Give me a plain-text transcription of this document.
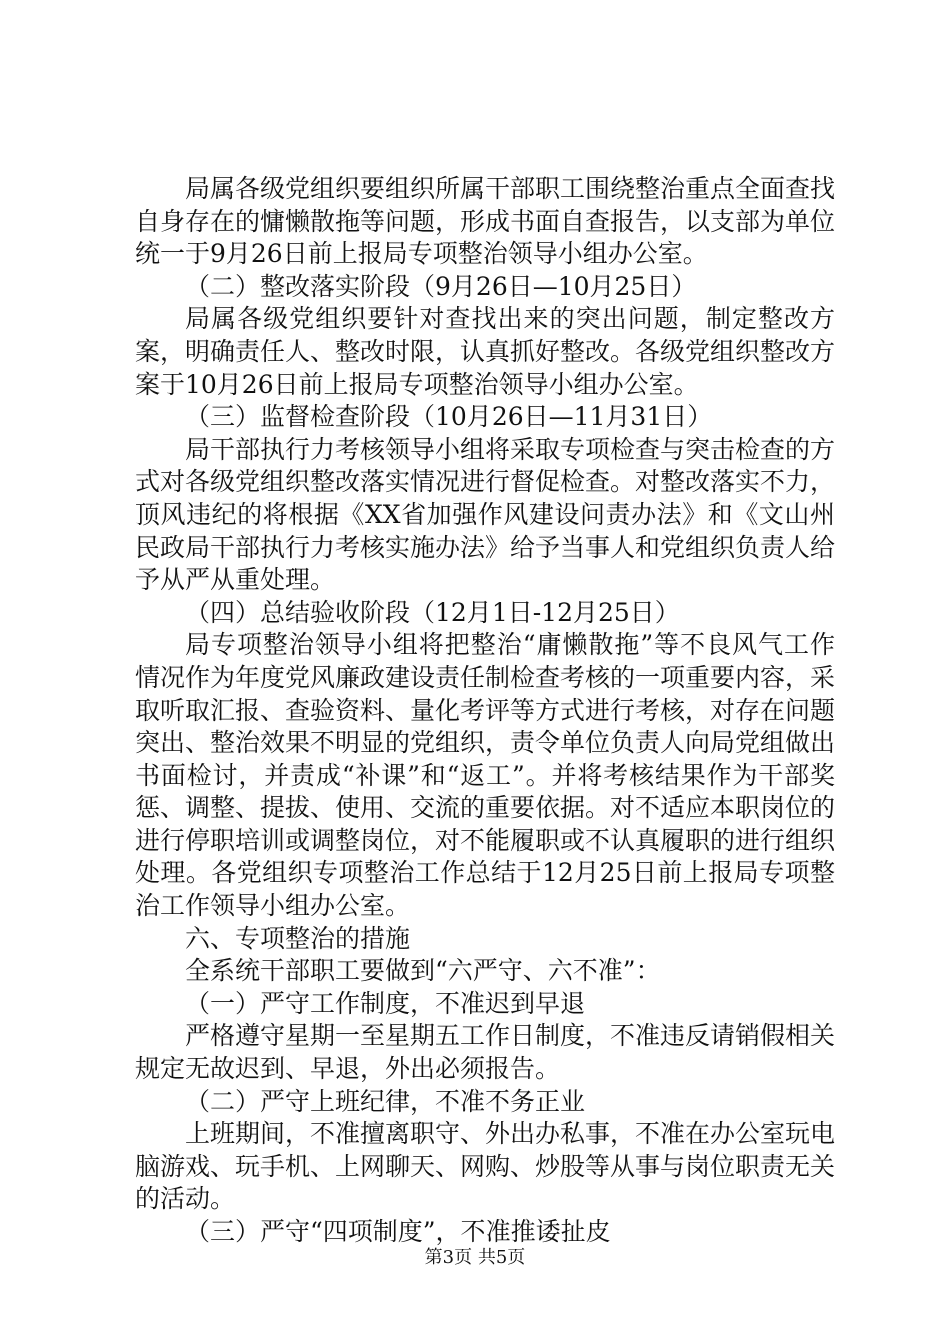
局属各级党组织要组织所属干部职工围绕整治重点全面查找自身存在的慵懒散拖等问题，形成书面自查报告，以支部为单位统一于9月26日前上报局专项整治领导小组办公室。

（二）整改落实阶段（9月26日—10月25日）

局属各级党组织要针对查找出来的突出问题，制定整改方案，明确责任人、整改时限，认真抓好整改。各级党组织整改方案于10月26日前上报局专项整治领导小组办公室。

（三）监督检查阶段（10月26日—11月31日）

局干部执行力考核领导小组将采取专项检查与突击检查的方式对各级党组织整改落实情况进行督促检查。对整改落实不力，顶风违纪的将根据《XX省加强作风建设问责办法》和《文山州民政局干部执行力考核实施办法》给予当事人和党组织负责人给予从严从重处理。

（四）总结验收阶段（12月1日-12月25日）

局专项整治领导小组将把整治“庸懒散拖”等不良风气工作情况作为年度党风廉政建设责任制检查考核的一项重要内容，采取听取汇报、查验资料、量化考评等方式进行考核，对存在问题突出、整治效果不明显的党组织，责令单位负责人向局党组做出书面检讨，并责成“补课”和“返工”。并将考核结果作为干部奖惩、调整、提拔、使用、交流的重要依据。对不适应本职岗位的进行停职培训或调整岗位，对不能履职或不认真履职的进行组织处理。各党组织专项整治工作总结于12月25日前上报局专项整治工作领导小组办公室。

六、专项整治的措施

全系统干部职工要做到“六严守、六不准”：

（一）严守工作制度，不准迟到早退

严格遵守星期一至星期五工作日制度，不准违反请销假相关规定无故迟到、早退，外出必须报告。

（二）严守上班纪律，不准不务正业

上班期间，不准擅离职守、外出办私事，不准在办公室玩电脑游戏、玩手机、上网聊天、网购、炒股等从事与岗位职责无关的活动。

（三）严守“四项制度”，不准推诿扯皮

第3页 共5页
